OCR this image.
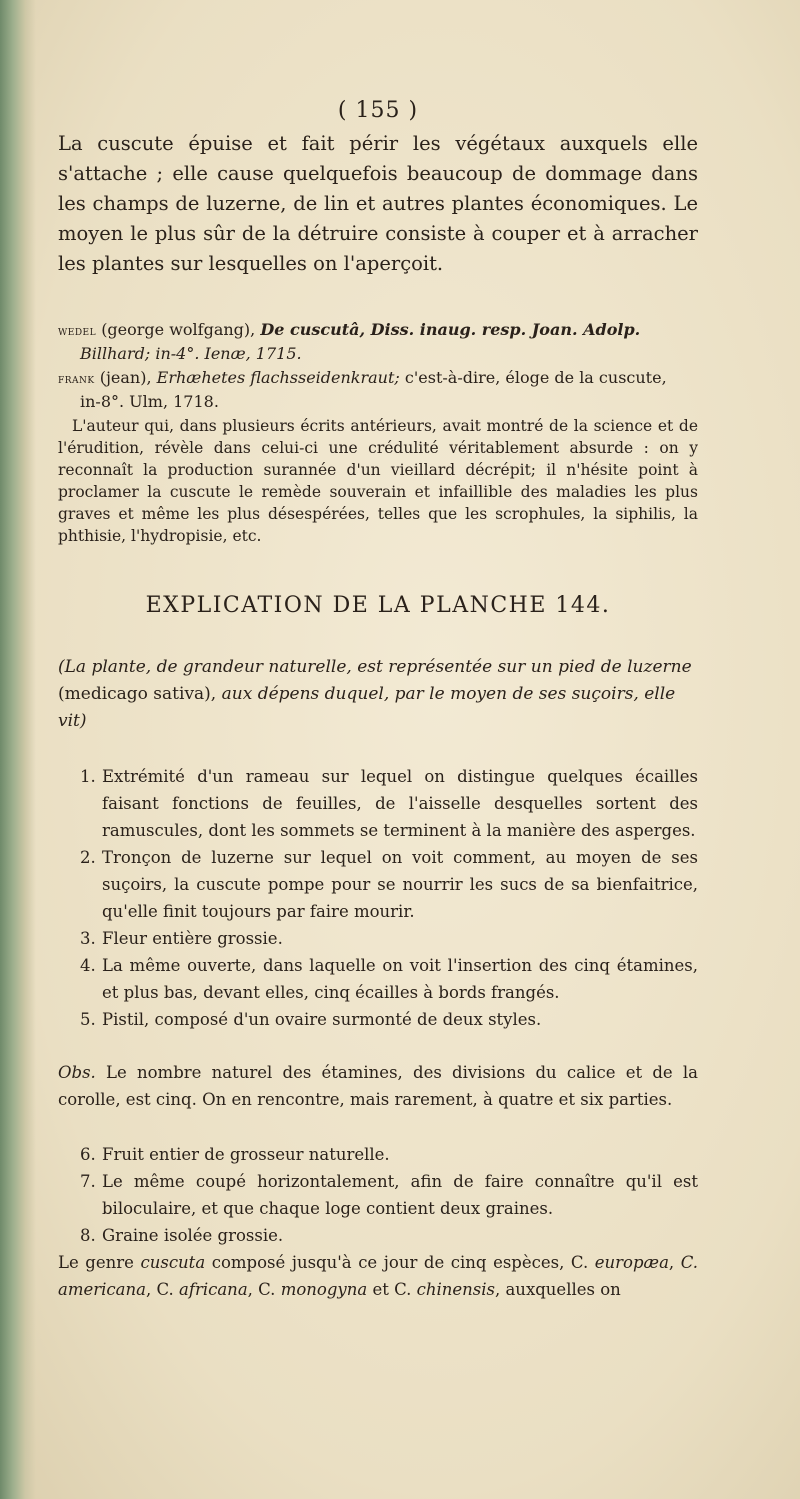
( 155 )

La cuscute épuise et fait périr les végétaux auxquels elle s'attache ; elle cause quelquefois beaucoup de dommage dans les champs de luzerne, de lin et autres plantes économiques. Le moyen le plus sûr de la détruire consiste à couper et à arracher les plantes sur lesquelles on l'aperçoit.

wedel (george wolfgang), De cuscutâ, Diss. inaug. resp. Joan. Adolp.
Billhard; in-4°. Ienæ, 1715.
frank (jean), Erhæhetes flachsseidenkraut; c'est-à-dire, éloge de la cuscute,
in-8°. Ulm, 1718.
L'auteur qui, dans plusieurs écrits antérieurs, avait montré de la science et de l'érudition, révèle dans celui-ci une crédulité véritablement absurde : on y reconnaît la production surannée d'un vieillard décrépit; il n'hésite point à proclamer la cuscute le remède souverain et infaillible des maladies les plus graves et même les plus désespérées, telles que les scrophules, la siphilis, la phthisie, l'hydropisie, etc.
EXPLICATION DE LA PLANCHE 144.
(La plante, de grandeur naturelle, est représentée sur un pied de luzerne (medicago sativa), aux dépens duquel, par le moyen de ses suçoirs, elle vit)
1. Extrémité d'un rameau sur lequel on distingue quelques écailles faisant fonctions de feuilles, de l'aisselle desquelles sortent des ramuscules, dont les sommets se terminent à la manière des asperges.
2. Tronçon de luzerne sur lequel on voit comment, au moyen de ses suçoirs, la cuscute pompe pour se nourrir les sucs de sa bienfaitrice, qu'elle finit toujours par faire mourir.
3. Fleur entière grossie.
4. La même ouverte, dans laquelle on voit l'insertion des cinq étamines, et plus bas, devant elles, cinq écailles à bords frangés.
5. Pistil, composé d'un ovaire surmonté de deux styles.
Obs. Le nombre naturel des étamines, des divisions du calice et de la corolle, est cinq. On en rencontre, mais rarement, à quatre et six parties.
6. Fruit entier de grosseur naturelle.
7. Le même coupé horizontalement, afin de faire connaître qu'il est biloculaire, et que chaque loge contient deux graines.
8. Graine isolée grossie.
Le genre cuscuta composé jusqu'à ce jour de cinq espèces, C. europæa, C. americana, C. africana, C. monogyna et C. chinensis, auxquelles on
